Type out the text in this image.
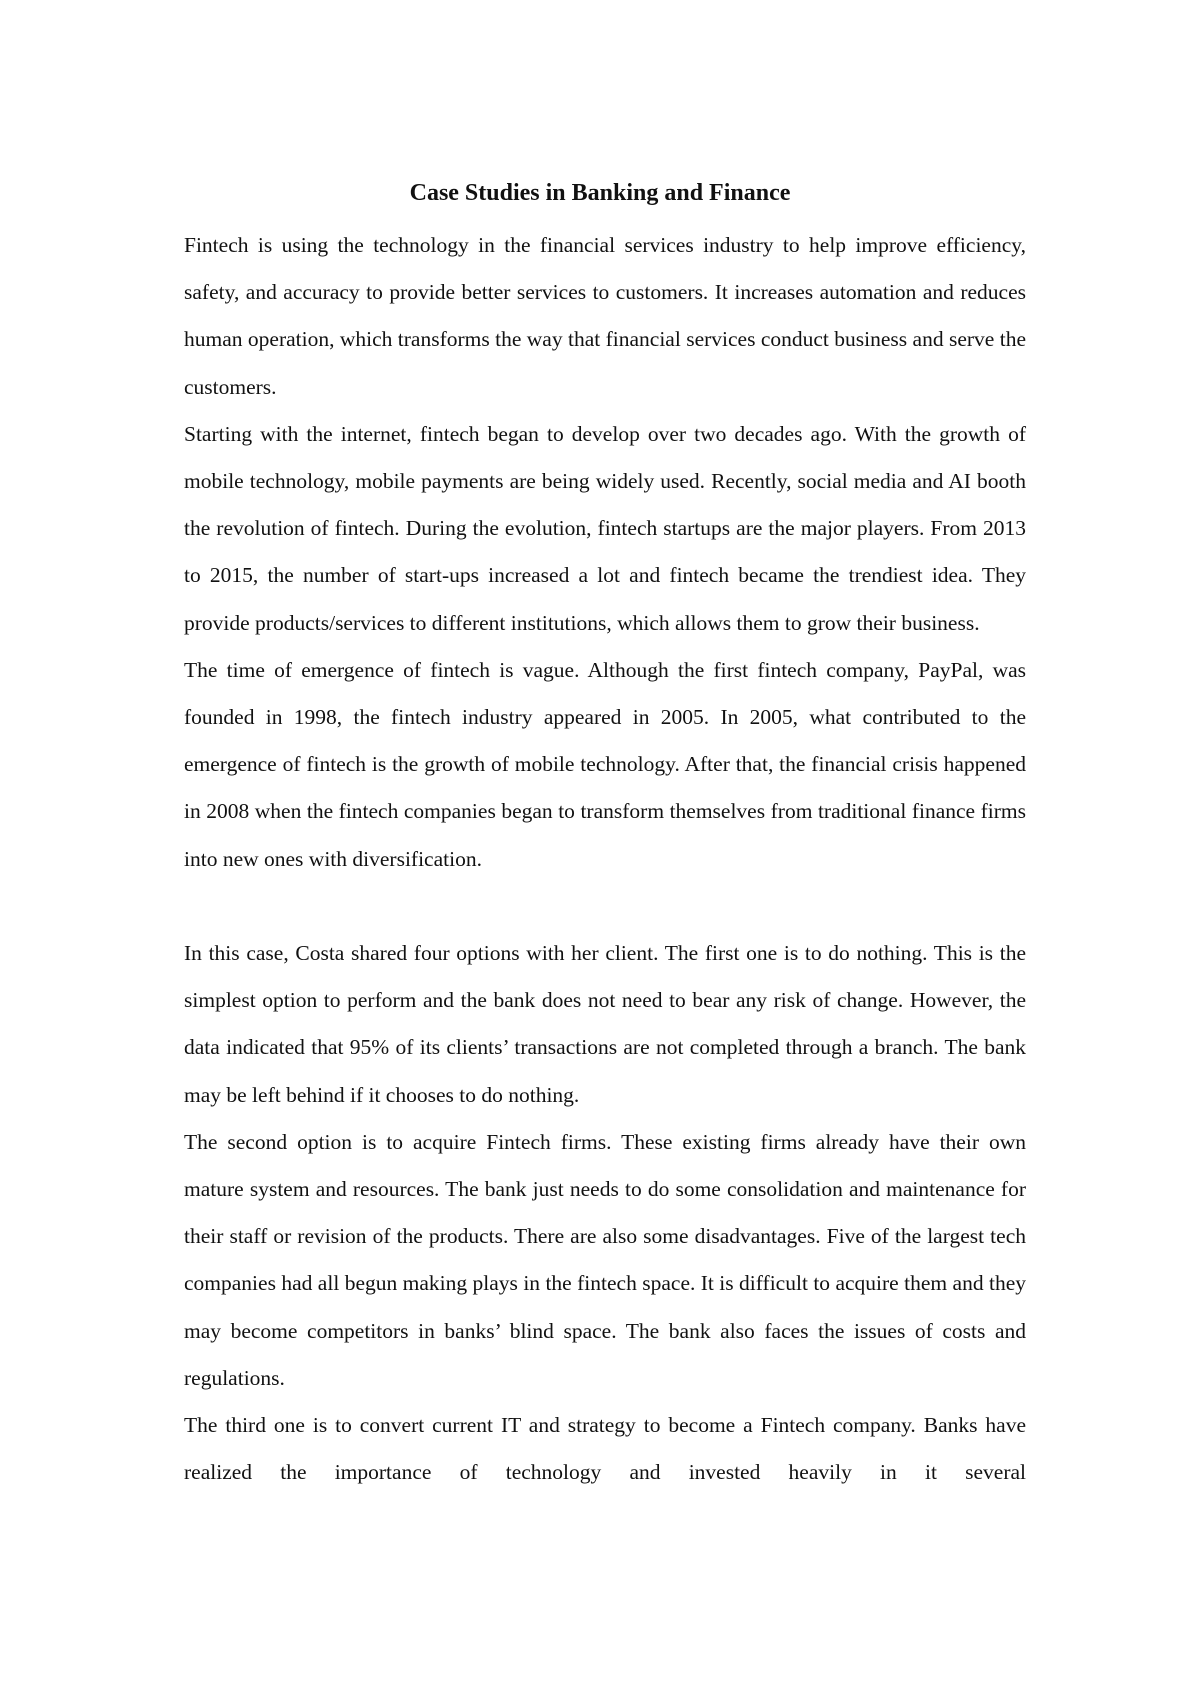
Case Studies in Banking and Finance

Fintech is using the technology in the financial services industry to help improve efficiency, safety, and accuracy to provide better services to customers. It increases automation and reduces human operation, which transforms the way that financial services conduct business and serve the customers.

Starting with the internet, fintech began to develop over two decades ago. With the growth of mobile technology, mobile payments are being widely used. Recently, social media and AI booth the revolution of fintech. During the evolution, fintech startups are the major players. From 2013 to 2015, the number of start-ups increased a lot and fintech became the trendiest idea. They provide products/services to different institutions, which allows them to grow their business.

The time of emergence of fintech is vague. Although the first fintech company, PayPal, was founded in 1998, the fintech industry appeared in 2005. In 2005, what contributed to the emergence of fintech is the growth of mobile technology. After that, the financial crisis happened in 2008 when the fintech companies began to transform themselves from traditional finance firms into new ones with diversification.

In this case, Costa shared four options with her client. The first one is to do nothing. This is the simplest option to perform and the bank does not need to bear any risk of change. However, the data indicated that 95% of its clients’ transactions are not completed through a branch. The bank may be left behind if it chooses to do nothing.

The second option is to acquire Fintech firms. These existing firms already have their own mature system and resources. The bank just needs to do some consolidation and maintenance for their staff or revision of the products. There are also some disadvantages. Five of the largest tech companies had all begun making plays in the fintech space. It is difficult to acquire them and they may become competitors in banks’ blind space. The bank also faces the issues of costs and regulations.

The third one is to convert current IT and strategy to become a Fintech company. Banks have realized the importance of technology and invested heavily in it several
